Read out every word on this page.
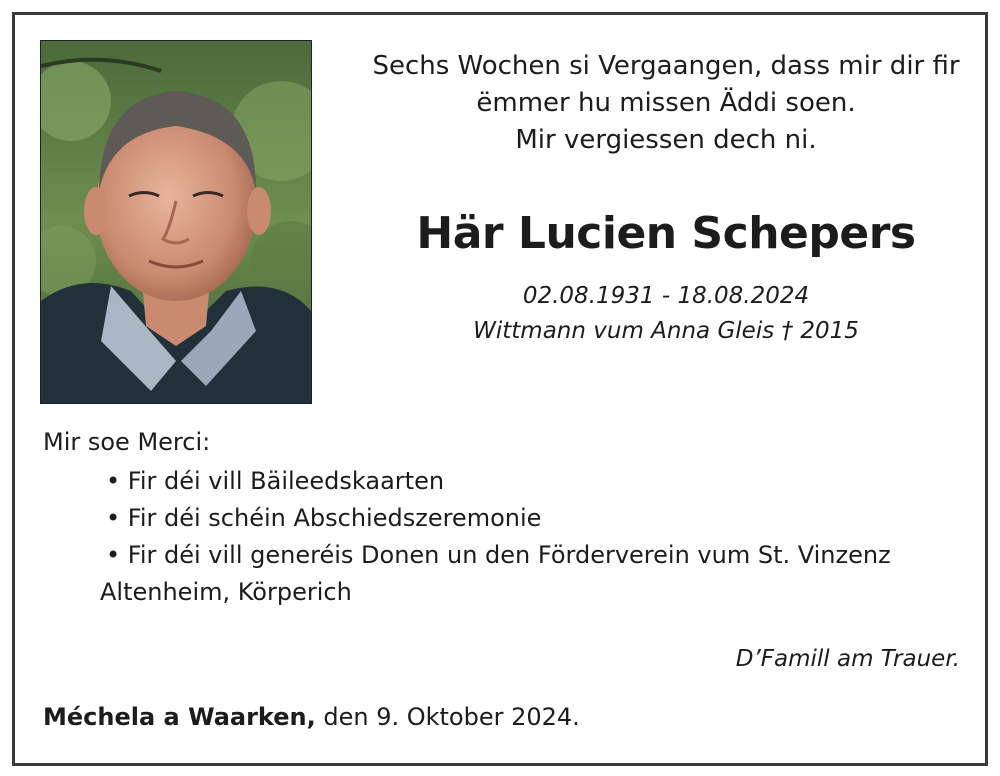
Sechs Wochen si Vergaangen, dass mir dir fir
ëmmer hu missen Äddi soen.
Mir vergiessen dech ni.
Här Lucien Schepers
02.08.1931 - 18.08.2024
Wittmann vum Anna Gleis † 2015
Mir soe Merci:
• Fir déi vill Bäileedskaarten
• Fir déi schéin Abschiedszeremonie
• Fir déi vill generéis Donen un den Förderverein vum St. Vinzenz
Altenheim, Körperich
D’Famill am Trauer.
Méchela a Waarken, den 9. Oktober 2024.
